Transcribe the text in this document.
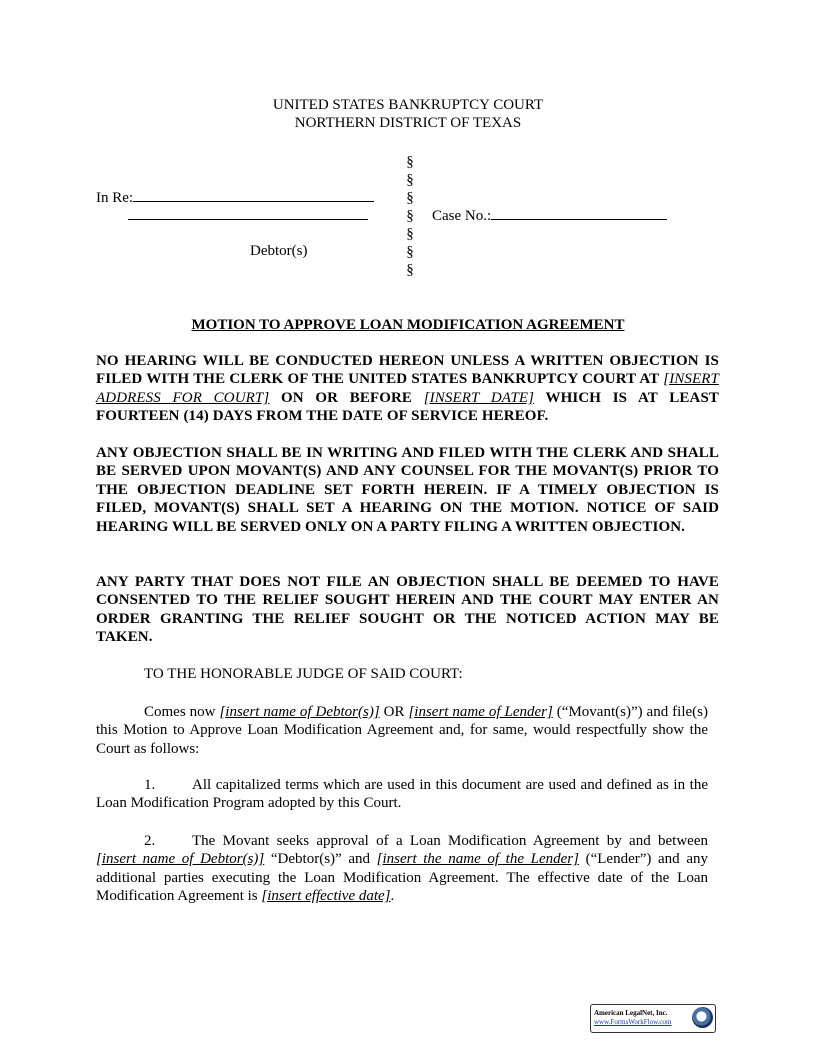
UNITED STATES BANKRUPTCY COURT
NORTHERN DISTRICT OF TEXAS
In Re:
Debtor(s)
§
§
§
§
§
§
§
Case No.:
MOTION TO APPROVE LOAN MODIFICATION AGREEMENT
NO HEARING WILL BE CONDUCTED HEREON UNLESS A WRITTEN OBJECTION IS FILED WITH THE CLERK OF THE UNITED STATES BANKRUPTCY COURT AT [INSERT ADDRESS FOR COURT] ON OR BEFORE [INSERT DATE] WHICH IS AT LEAST FOURTEEN (14) DAYS FROM THE DATE OF SERVICE HEREOF.
ANY OBJECTION SHALL BE IN WRITING AND FILED WITH THE CLERK AND SHALL BE SERVED UPON MOVANT(S) AND ANY COUNSEL FOR THE MOVANT(S) PRIOR TO THE OBJECTION DEADLINE SET FORTH HEREIN. IF A TIMELY OBJECTION IS FILED, MOVANT(S) SHALL SET A HEARING ON THE MOTION. NOTICE OF SAID HEARING WILL BE SERVED ONLY ON A PARTY FILING A WRITTEN OBJECTION.
ANY PARTY THAT DOES NOT FILE AN OBJECTION SHALL BE DEEMED TO HAVE CONSENTED TO THE RELIEF SOUGHT HEREIN AND THE COURT MAY ENTER AN ORDER GRANTING THE RELIEF SOUGHT OR THE NOTICED ACTION MAY BE TAKEN.
TO THE HONORABLE JUDGE OF SAID COURT:
Comes now [insert name of Debtor(s)] OR [insert name of Lender] (“Movant(s)”) and file(s) this Motion to Approve Loan Modification Agreement and, for same, would respectfully show the Court as follows:
1. All capitalized terms which are used in this document are used and defined as in the Loan Modification Program adopted by this Court.
2. The Movant seeks approval of a Loan Modification Agreement by and between [insert name of Debtor(s)] “Debtor(s)” and [insert the name of the Lender] (“Lender”) and any additional parties executing the Loan Modification Agreement. The effective date of the Loan Modification Agreement is [insert effective date].
American LegalNet, Inc.
www.FormsWorkFlow.com
